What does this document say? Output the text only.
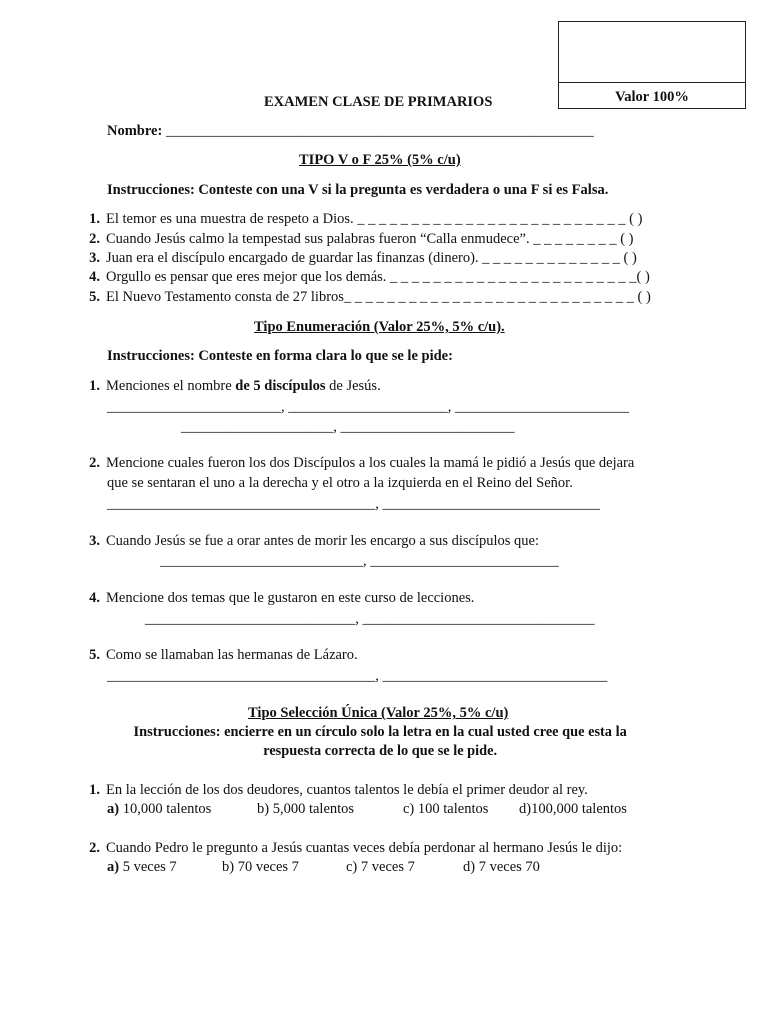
Valor 100%
EXAMEN CLASE DE PRIMARIOS
Nombre: ___________________________________________________________
TIPO V o F 25% (5% c/u)
Instrucciones: Conteste con una V si la pregunta es verdadera o una F si es Falsa.
1. El temor es una muestra de respeto a Dios. _ _ _ _ _ _ _ _ _ _ _ _ _ _ _ _ _ _ _ _ _ _ _ _ _ ( )
2. Cuando Jesús calmo la tempestad sus palabras fueron “Calla enmudece”. _ _ _ _ _ _ _ _ ( )
3. Juan era el discípulo encargado de guardar las finanzas (dinero). _ _ _ _ _ _ _ _ _ _ _ _ _ ( )
4. Orgullo es pensar que eres mejor que los demás. _ _ _ _ _ _ _ _ _ _ _ _ _ _ _ _ _ _ _ _ _ _ _( )
5. El Nuevo Testamento consta de 27 libros_ _ _ _ _ _ _ _ _ _ _ _ _ _ _ _ _ _ _ _ _ _ _ _ _ _ _ ( )
Tipo Enumeración (Valor 25%, 5% c/u).
Instrucciones: Conteste en forma clara lo que se le pide:
1. Menciones el nombre de 5 discípulos de Jesús.
________________________, ______________________, ________________________
_____________________, ________________________
2. Mencione cuales fueron los dos Discípulos a los cuales la mamá le pidió a Jesús que dejara
que se sentaran el uno a la derecha y el otro a la izquierda en el Reino del Señor.
_____________________________________, ______________________________
3. Cuando Jesús se fue a orar antes de morir les encargo a sus discípulos que:
____________________________, __________________________
4. Mencione dos temas que le gustaron en este curso de lecciones.
_____________________________, ________________________________
5. Como se llamaban las hermanas de Lázaro.
_____________________________________, _______________________________
Tipo Selección Única (Valor 25%, 5% c/u)
Instrucciones: encierre en un círculo solo la letra en la cual usted cree que esta la
respuesta correcta de lo que se le pide.
1. En la lección de los dos deudores, cuantos talentos le debía el primer deudor al rey.
a) 10,000 talentos	b) 5,000 talentos	c) 100 talentos d)100,000 talentos
2. Cuando Pedro le pregunto a Jesús cuantas veces debía perdonar al hermano Jesús le dijo:
a) 5 veces 7	b) 70 veces 7	c) 7 veces 7	d) 7 veces 70
